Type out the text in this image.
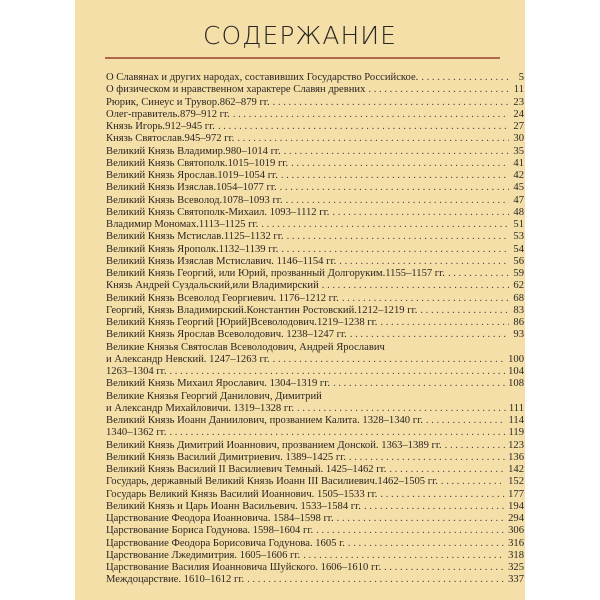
СОДЕРЖАНИЕ
О Славянах и других народах, составивших Государство Российское. . . .	5
О физическом и нравственном характере Славян древних . . .	11
Рюрик, Синеус и Трувор.862–879 гг. . . .	23
Олег-правитель.879–912 гг. . . .	24
Князь Игорь.912–945 гг. . . .	27
Князь Святослав.945–972 гг. . . .	30
Великий Князь Владимир.980–1014 гг. . . .	35
Великий Князь Святополк.1015–1019 гг. . . .	41
Великий Князь Ярослав.1019–1054 гг. . . .	42
Великий Князь Изяслав.1054–1077 гг. . . .	45
Великий Князь Всеволод.1078–1093 гг. . . .	47
Великий Князь Святополк-Михаил. 1093–1112 гг. . . .	48
Владимир Мономах.1113–1125 гг. . . .	51
Великий Князь Мстислав.1125–1132 гг. . . .	53
Великий Князь Ярополк.1132–1139 гг. . . .	54
Великий Князь Изяслав Мстиславич. 1146–1154 гг. . . .	56
Великий Князь Георгий, или Юрий, прозванный Долгоруким.1155–1157 гг. . . .	59
Князь Андрей Суздальский,или Владимирский . . .	62
Великий Князь Всеволод Георгиевич. 1176–1212 гг. . . .	68
Георгий, Князь Владимирский.Константин Ростовский.1212–1219 гг. . . .	83
Великий Князь Георгий [Юрий]Всеволодович.1219–1238 гг. . . .	86
Великий Князь Ярослав Всеволодович. 1238–1247 гг. . . .	93
Великие Князья Святослав Всеволодович, Андрей Ярославич
и Александр Невский. 1247–1263 гг. . . .	100
1263–1304 гг. . . .	104
Великий Князь Михаил Ярославич. 1304–1319 гг. . . .	108
Великие Князья Георгий Данилович, Димитрий
и Александр Михайловичи. 1319–1328 гг. . . .	111
Великий Князь Иоанн Даниилович, прозванием Калита. 1328–1340 гг. . . .	114
1340–1362 гг. . . .	119
Великий Князь Димитрий Иоаннович, прозванием Донской. 1363–1389 гг. . . .	123
Великий Князь Василий Димитриевич. 1389–1425 гг. . . .	136
Великий Князь Василий II Василиевич Темный. 1425–1462 гг. . . .	142
Государь, державный Великий Князь Иоанн III Василиевич.1462–1505 гг. . . .	152
Государь Великий Князь Василий Иоаннович. 1505–1533 гг. . . .	177
Великий Князь и Царь Иоанн Васильевич. 1533–1584 гг. . . .	194
Царствование Феодора Иоанновича. 1584–1598 гг. . . .	294
Царствование Бориса Годунова. 1598–1604 гг. . . .	306
Царствование Феодора Борисовича Годунова. 1605 г. . . .	316
Царствование Лжедимитрия. 1605–1606 гг. . . .	318
Царствование Василия Иоанновича Шуйского. 1606–1610 гг. . . .	325
Междоцарствие. 1610–1612 гг. . . .	337
